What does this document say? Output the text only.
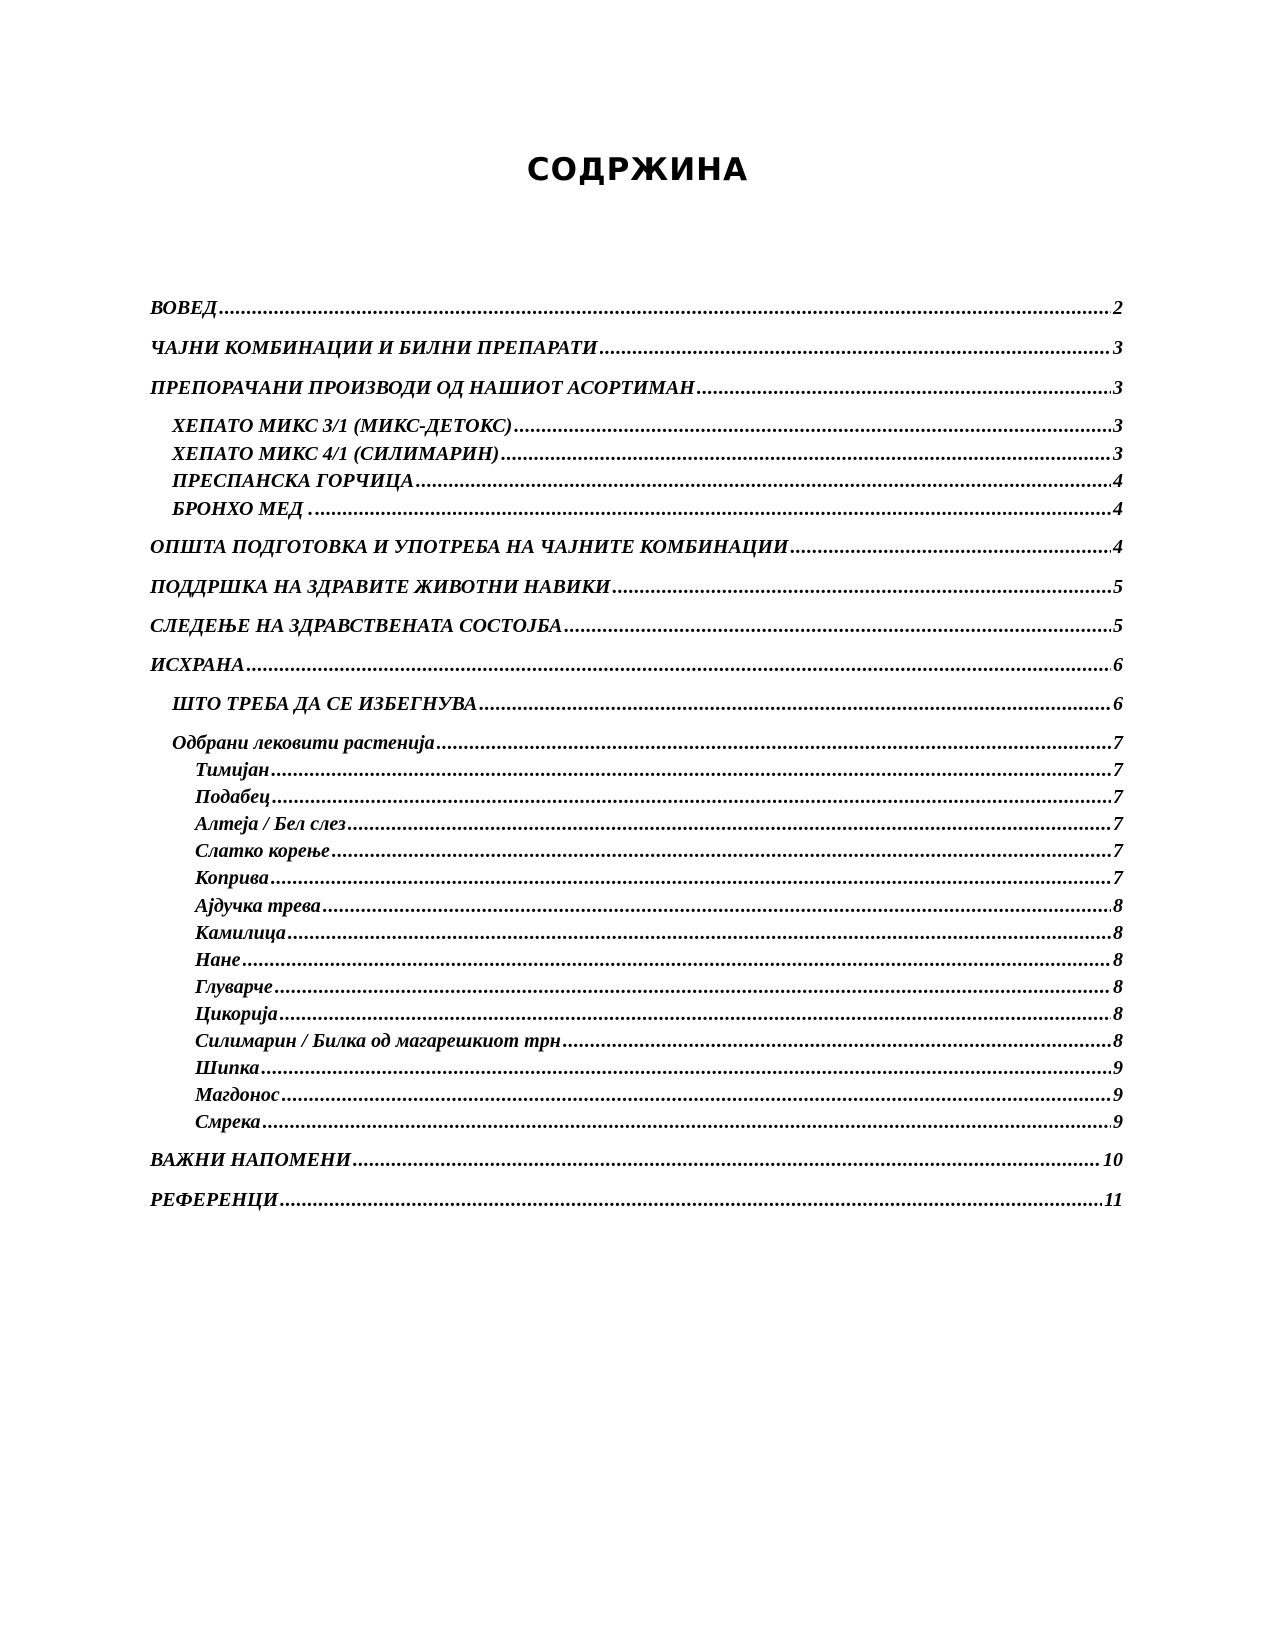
СОДРЖИНА
ВОВЕД .....	2
ЧАЈНИ КОМБИНАЦИИ И БИЛНИ ПРЕПАРАТИ .....	3
ПРЕПОРАЧАНИ ПРОИЗВОДИ ОД НАШИОТ АСОРТИМАН .....	3
ХЕПАТО МИКС 3/1 (МИКС-ДЕТОКС) .....	3
ХЕПАТО МИКС 4/1 (СИЛИМАРИН) .....	3
ПРЕСПАНСКА ГОРЧИЦА .....	4
БРОНХО МЕД . .....	4
ОПШТА ПОДГОТОВКА И УПОТРЕБА НА ЧАЈНИТЕ КОМБИНАЦИИ .....	4
ПОДДРШКА НА ЗДРАВИТЕ ЖИВОТНИ НАВИКИ .....	5
СЛЕДЕЊЕ НА ЗДРАВСТВЕНАТА СОСТОЈБА .....	5
ИСХРАНА .....	6
ШТО ТРЕБА ДА СЕ ИЗБЕГНУВА .....	6
Одбрани лековити растенија .....	7
Тимијан .....	7
Подабец .....	7
Алтеја / Бел слез .....	7
Слатко корење .....	7
Коприва .....	7
Ајдучка трева .....	8
Камилица .....	8
Нане .....	8
Глуварче .....	8
Цикорија .....	8
Силимарин / Билка од магарешкиот трн .....	8
Шипка .....	9
Магдонос .....	9
Смрека .....	9
ВАЖНИ НАПОМЕНИ .....	10
РЕФЕРЕНЦИ .....	11
